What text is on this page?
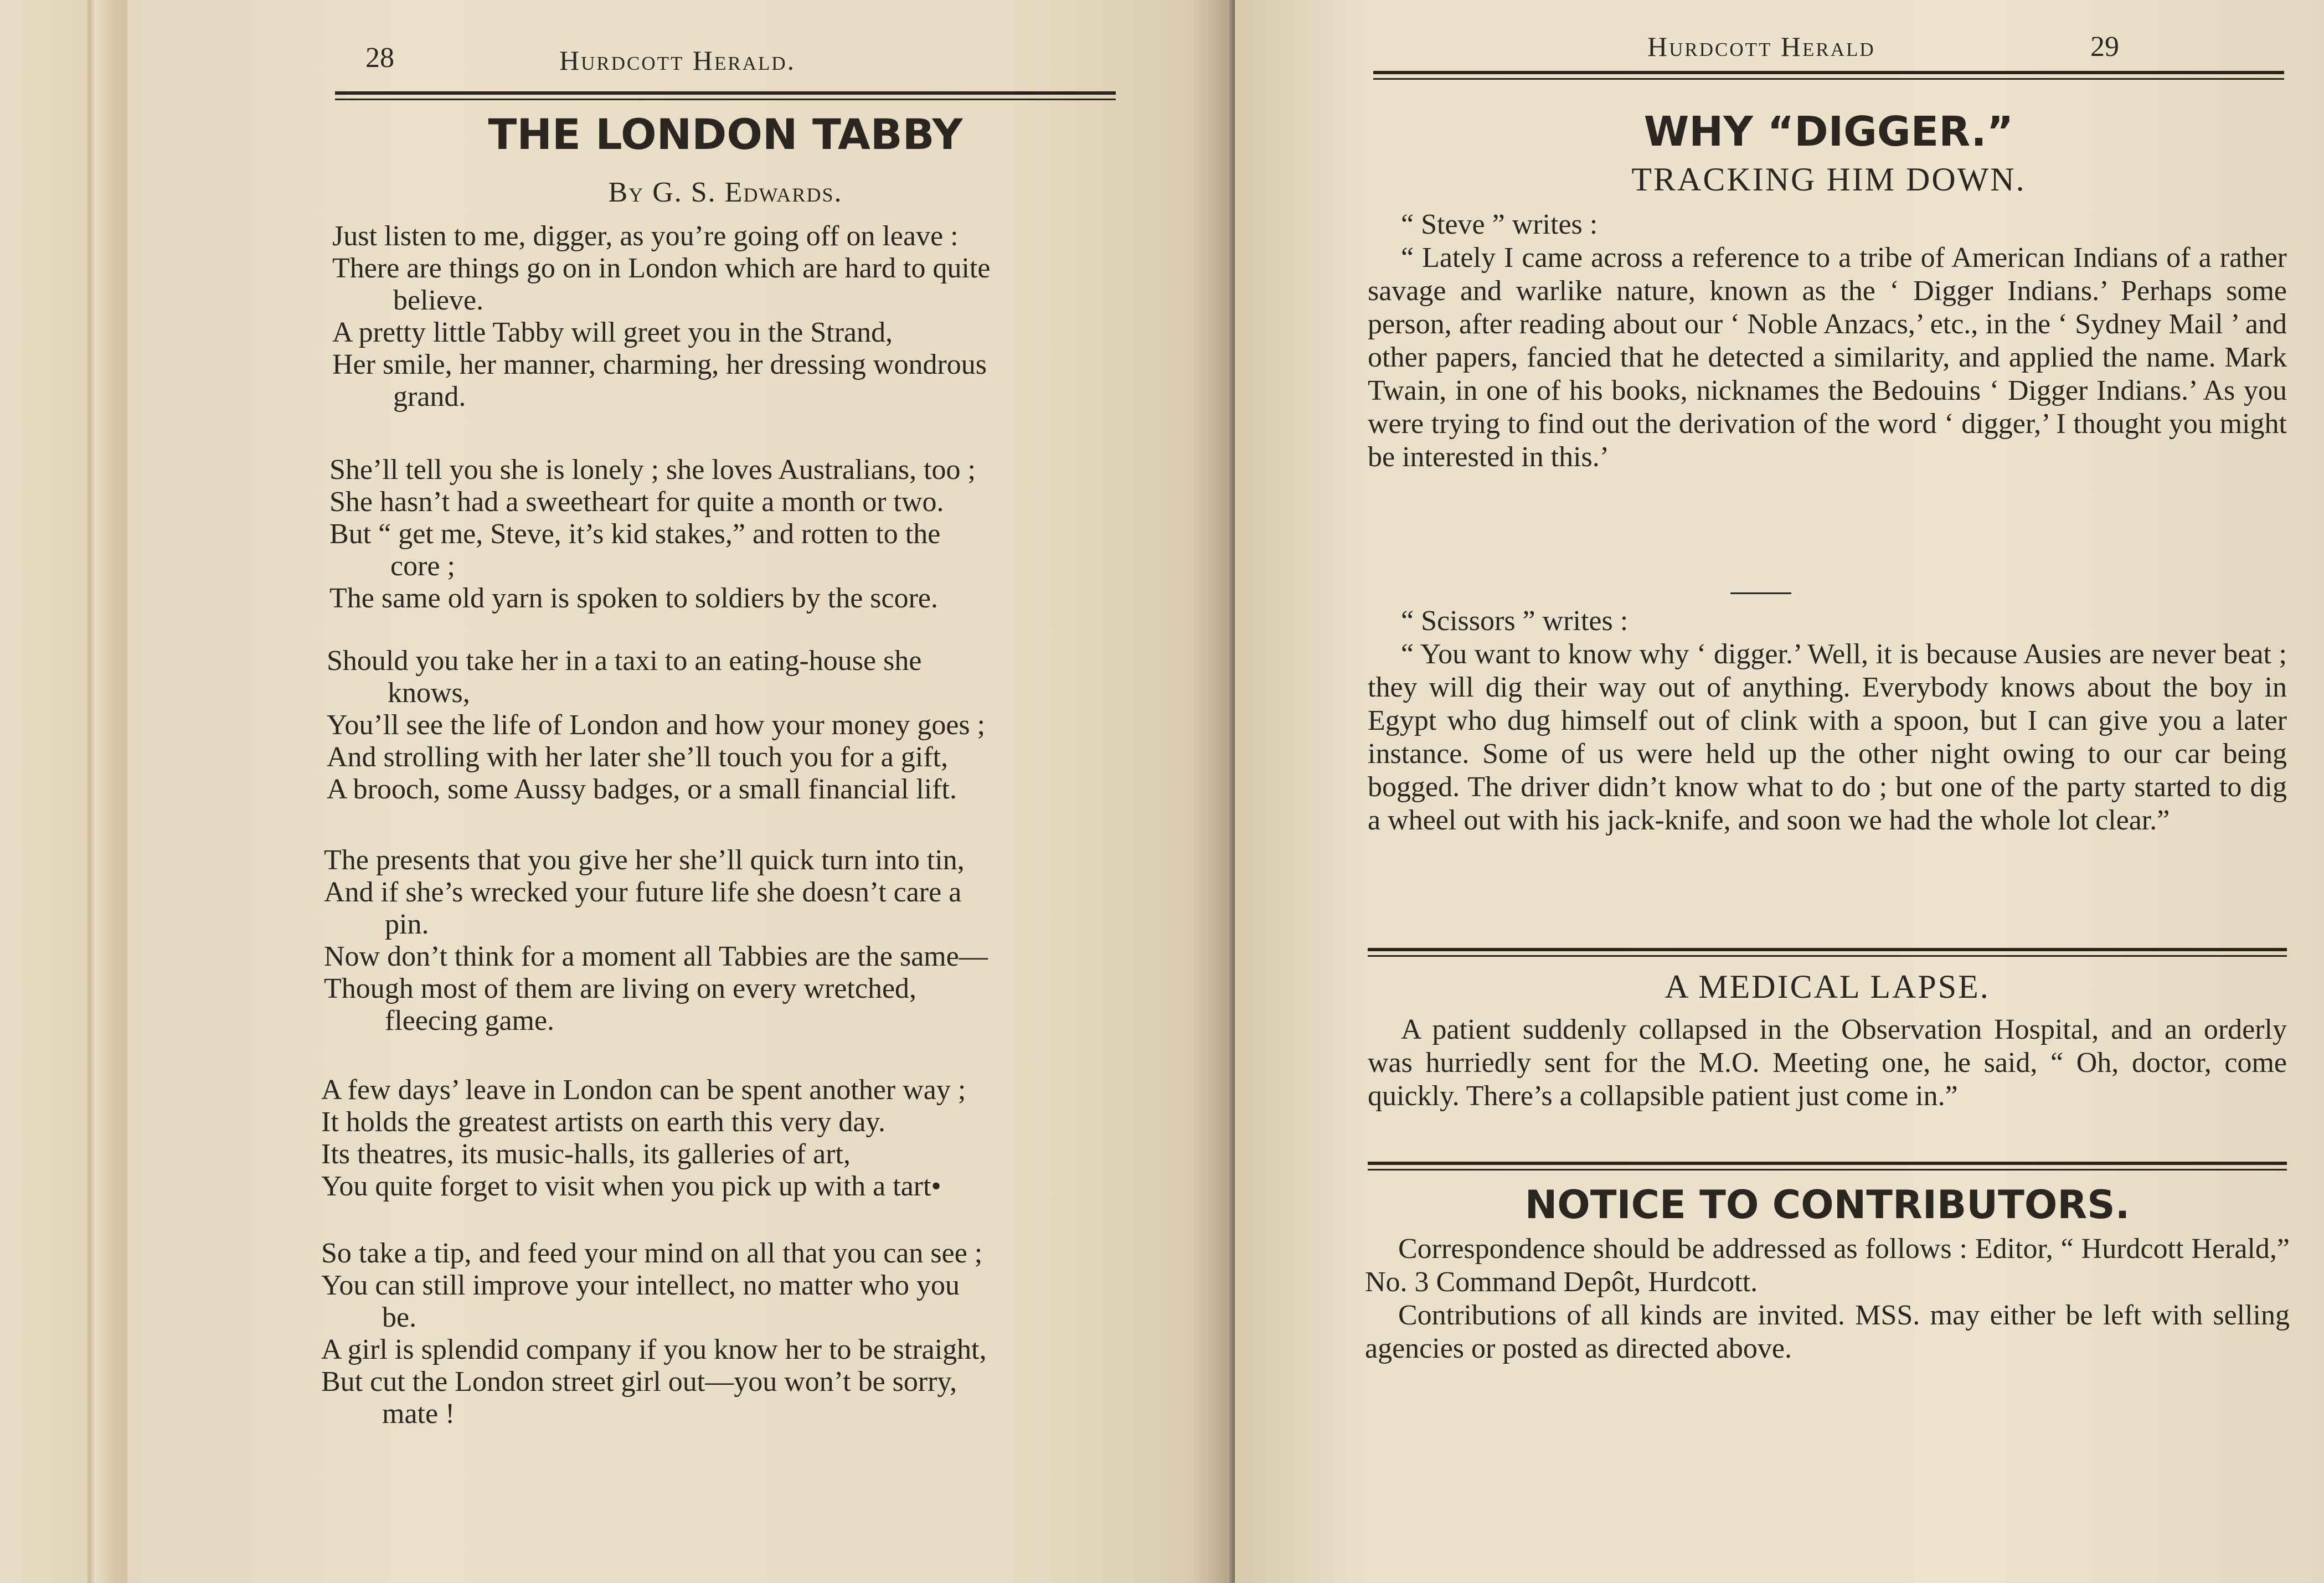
28	Hurdcott Herald.
THE LONDON TABBY
By G. S. Edwards.
Just listen to me, digger, as you’re going off on leave :
There are things go on in London which are hard to quite
believe.
A pretty little Tabby will greet you in the Strand,
Her smile, her manner, charming, her dressing wondrous
grand.
She’ll tell you she is lonely ; she loves Australians, too ;
She hasn’t had a sweetheart for quite a month or two.
But “ get me, Steve, it’s kid stakes,” and rotten to the
core ;
The same old yarn is spoken to soldiers by the score.
Should you take her in a taxi to an eating-house she
knows,
You’ll see the life of London and how your money goes ;
And strolling with her later she’ll touch you for a gift,
A brooch, some Aussy badges, or a small financial lift.
The presents that you give her she’ll quick turn into tin,
And if she’s wrecked your future life she doesn’t care a
pin.
Now don’t think for a moment all Tabbies are the same—
Though most of them are living on every wretched,
fleecing game.
A few days’ leave in London can be spent another way ;
It holds the greatest artists on earth this very day.
Its theatres, its music-halls, its galleries of art,
You quite forget to visit when you pick up with a tart•
So take a tip, and feed your mind on all that you can see ;
You can still improve your intellect, no matter who you
be.
A girl is splendid company if you know her to be straight,
But cut the London street girl out—you won’t be sorry,
mate !
Hurdcott Herald	29
WHY “DIGGER.”
TRACKING HIM DOWN.

“ Steve ” writes :

“ Lately I came across a reference to a tribe of American Indians of a rather savage and warlike nature, known as the ‘ Digger Indians.’ Perhaps some person, after reading about our ‘ Noble Anzacs,’ etc., in the ‘ Sydney Mail ’ and other papers, fancied that he detected a similarity, and applied the name. Mark Twain, in one of his books, nicknames the Bedouins ‘ Digger Indians.’ As you were trying to find out the derivation of the word ‘ digger,’ I thought you might be interested in this.’

“ Scissors ” writes :

“ You want to know why ‘ digger.’ Well, it is because Ausies are never beat ; they will dig their way out of anything. Everybody knows about the boy in Egypt who dug himself out of clink with a spoon, but I can give you a later instance. Some of us were held up the other night owing to our car being bogged. The driver didn’t know what to do ; but one of the party started to dig a wheel out with his jack-knife, and soon we had the whole lot clear.”

A MEDICAL LAPSE.

A patient suddenly collapsed in the Observation Hospital, and an orderly was hurriedly sent for the M.O. Meeting one, he said, “ Oh, doctor, come quickly. There’s a collapsible patient just come in.”

NOTICE TO CONTRIBUTORS.

Correspondence should be addressed as follows : Editor, “ Hurdcott Herald,” No. 3 Command Depôt, Hurdcott.

Contributions of all kinds are invited. MSS. may either be left with selling agencies or posted as directed above.
